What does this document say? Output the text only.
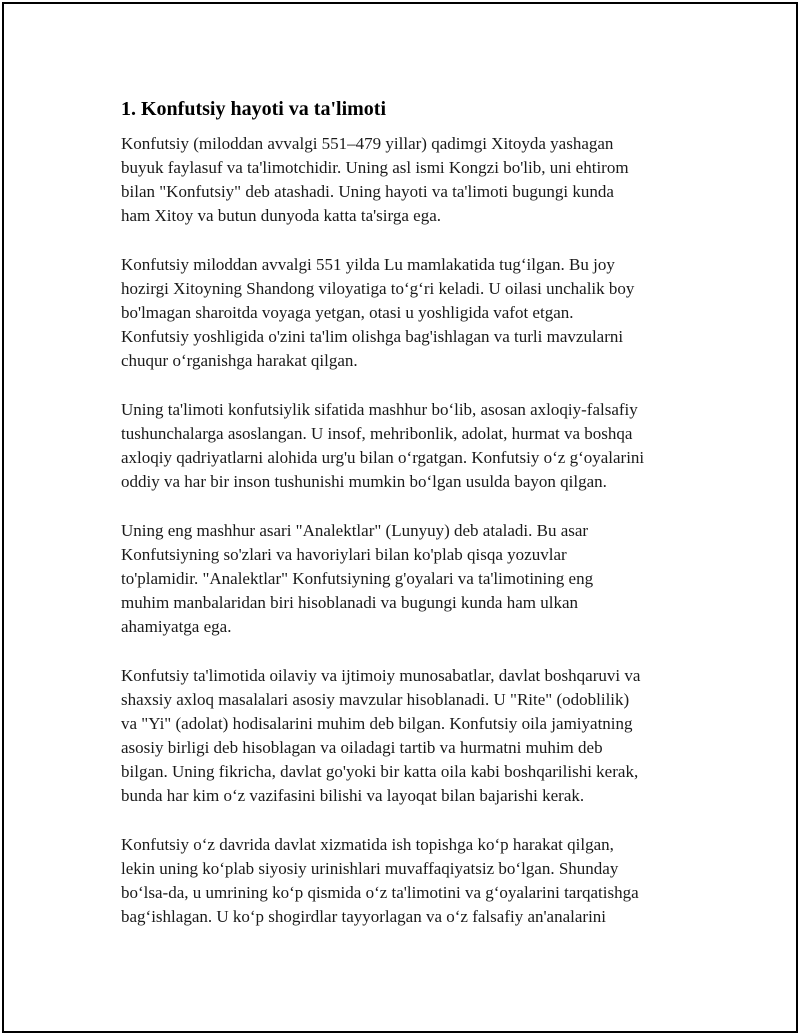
1. Konfutsiy hayoti va ta'limoti

Konfutsiy (miloddan avvalgi 551–479 yillar) qadimgi Xitoyda yashagan
buyuk faylasuf va ta'limotchidir. Uning asl ismi Kongzi bo'lib, uni ehtirom
bilan "Konfutsiy" deb atashadi. Uning hayoti va ta'limoti bugungi kunda
ham Xitoy va butun dunyoda katta ta'sirga ega.

Konfutsiy miloddan avvalgi 551 yilda Lu mamlakatida tug‘ilgan. Bu joy
hozirgi Xitoyning Shandong viloyatiga to‘g‘ri keladi. U oilasi unchalik boy
bo'lmagan sharoitda voyaga yetgan, otasi u yoshligida vafot etgan.
Konfutsiy yoshligida o'zini ta'lim olishga bag'ishlagan va turli mavzularni
chuqur o‘rganishga harakat qilgan.

Uning ta'limoti konfutsiylik sifatida mashhur bo‘lib, asosan axloqiy-falsafiy
tushunchalarga asoslangan. U insof, mehribonlik, adolat, hurmat va boshqa
axloqiy qadriyatlarni alohida urg'u bilan o‘rgatgan. Konfutsiy o‘z g‘oyalarini
oddiy va har bir inson tushunishi mumkin bo‘lgan usulda bayon qilgan.

Uning eng mashhur asari "Analektlar" (Lunyuy) deb ataladi. Bu asar
Konfutsiyning so'zlari va havoriylari bilan ko'plab qisqa yozuvlar
to'plamidir. "Analektlar" Konfutsiyning g'oyalari va ta'limotining eng
muhim manbalaridan biri hisoblanadi va bugungi kunda ham ulkan
ahamiyatga ega.

Konfutsiy ta'limotida oilaviy va ijtimoiy munosabatlar, davlat boshqaruvi va
shaxsiy axloq masalalari asosiy mavzular hisoblanadi. U "Rite" (odoblilik)
va "Yi" (adolat) hodisalarini muhim deb bilgan. Konfutsiy oila jamiyatning
asosiy birligi deb hisoblagan va oiladagi tartib va hurmatni muhim deb
bilgan. Uning fikricha, davlat go'yoki bir katta oila kabi boshqarilishi kerak,
bunda har kim o‘z vazifasini bilishi va layoqat bilan bajarishi kerak.

Konfutsiy o‘z davrida davlat xizmatida ish topishga ko‘p harakat qilgan,
lekin uning ko‘plab siyosiy urinishlari muvaffaqiyatsiz bo‘lgan. Shunday
bo‘lsa-da, u umrining ko‘p qismida o‘z ta'limotini va g‘oyalarini tarqatishga
bag‘ishlagan. U ko‘p shogirdlar tayyorlagan va o‘z falsafiy an'analarini
